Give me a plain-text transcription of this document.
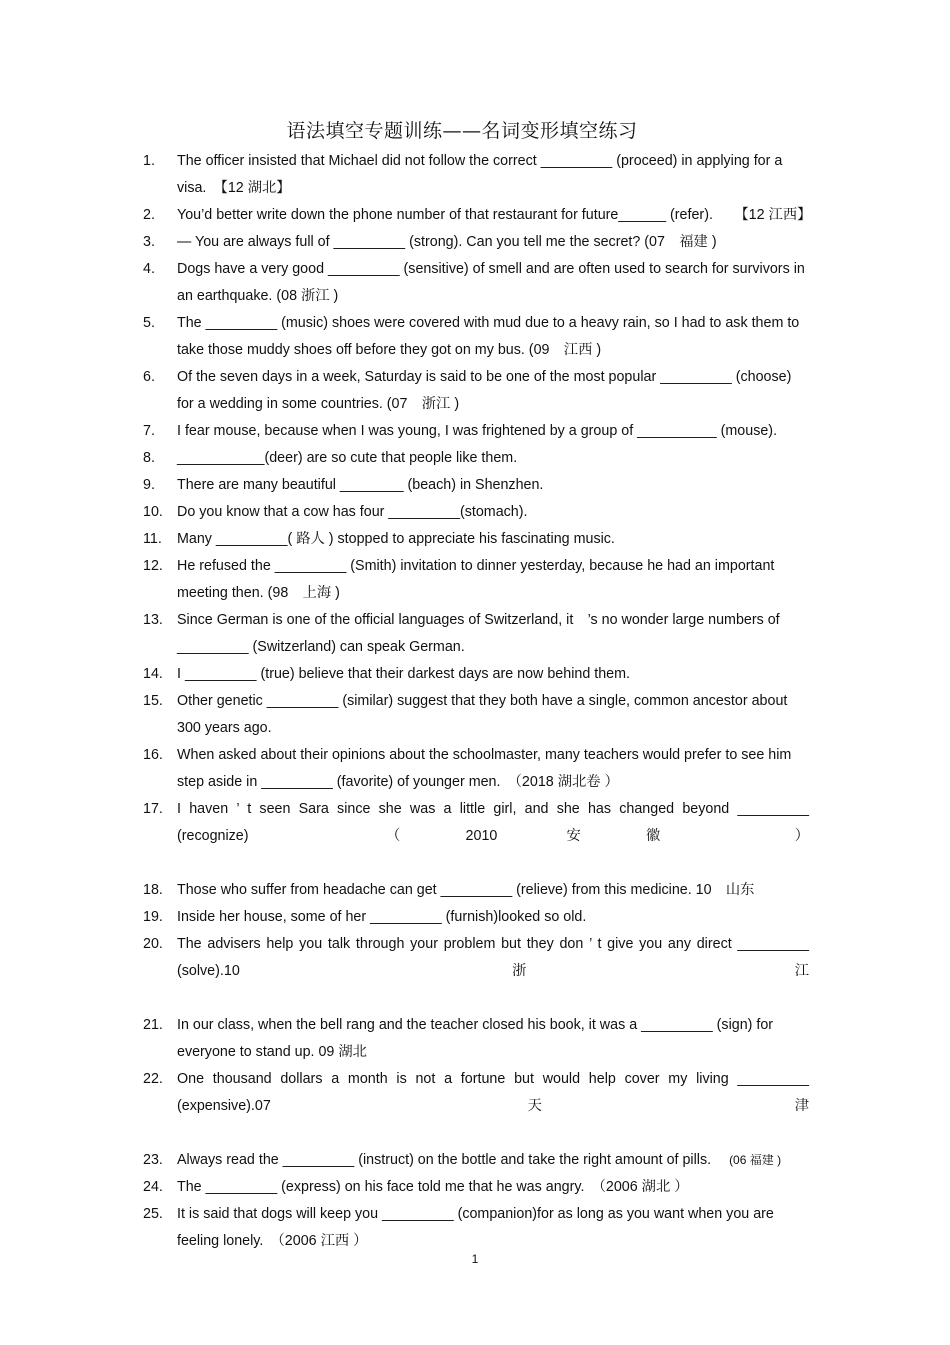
语法填空专题训练——名词变形填空练习
1.	The officer insisted that Michael did not follow the correct _________ (proceed) in applying for a visa.　【12 湖北】
2.	You’d better write down the phone number of that restaurant for future______ (refer).　　【12 江西】
3.	— You are always full of _________ (strong). Can you tell me the secret? (07　福建 )
4.	Dogs have a very good _________ (sensitive) of smell and are often used to search for survivors in an earthquake. (08 浙江 )
5.	The _________ (music) shoes were covered with mud due to a heavy rain, so I had to ask them to take those muddy shoes off before they got on my bus. (09　江西 )
6.	Of the seven days in a week, Saturday is said to be one of the most popular _________ (choose) for a wedding in some countries. (07　浙江 )
7.	I fear mouse, because when I was young, I was frightened by a group of __________ (mouse).
8.	___________(deer) are so cute that people like them.
9.	There are many beautiful ________ (beach) in Shenzhen.
10. Do you know that a cow has four _________(stomach).
11.	Many _________( 路人 ) stopped to appreciate his fascinating music.
12. He refused the _________ (Smith) invitation to dinner yesterday, because he had an important meeting then. (98　上海 )
13. Since German is one of the official languages of Switzerland, it　’s no wonder large numbers of _________ (Switzerland) can speak German.
14. I _________ (true) believe that their darkest days are now behind them.
15. Other genetic _________ (similar) suggest that they both have a single, common ancestor about 300 years ago.
16. When asked about their opinions about the schoolmaster, many teachers would prefer to see him step aside in _________ (favorite) of younger men.　（2018 湖北卷 ）
17. I haven ’ t seen Sara since she was a little girl, and she has changed beyond _________ (recognize)　（2010 安徽 ）
18. Those who suffer from headache can get _________ (relieve) from this medicine. 10　山东
19. Inside her house, some of her _________ (furnish)looked so old.
20. The advisers help you talk through your problem but they don ’ t give you any direct _________ (solve).10 浙江
21. In our class, when the bell rang and the teacher closed his book, it was a _________ (sign) for everyone to stand up. 09 湖北
22. One thousand dollars a month is not a fortune but would help cover my living _________ (expensive).07 天津
23. Always read the _________ (instruct) on the bottle and take the right amount of pills. (06 福建 )
24. The _________ (express) on his face told me that he was angry.　（2006 湖北 ）
25. It is said that dogs will keep you _________ (companion)for as long as you want when you are feeling lonely.　（2006 江西 ）
1
